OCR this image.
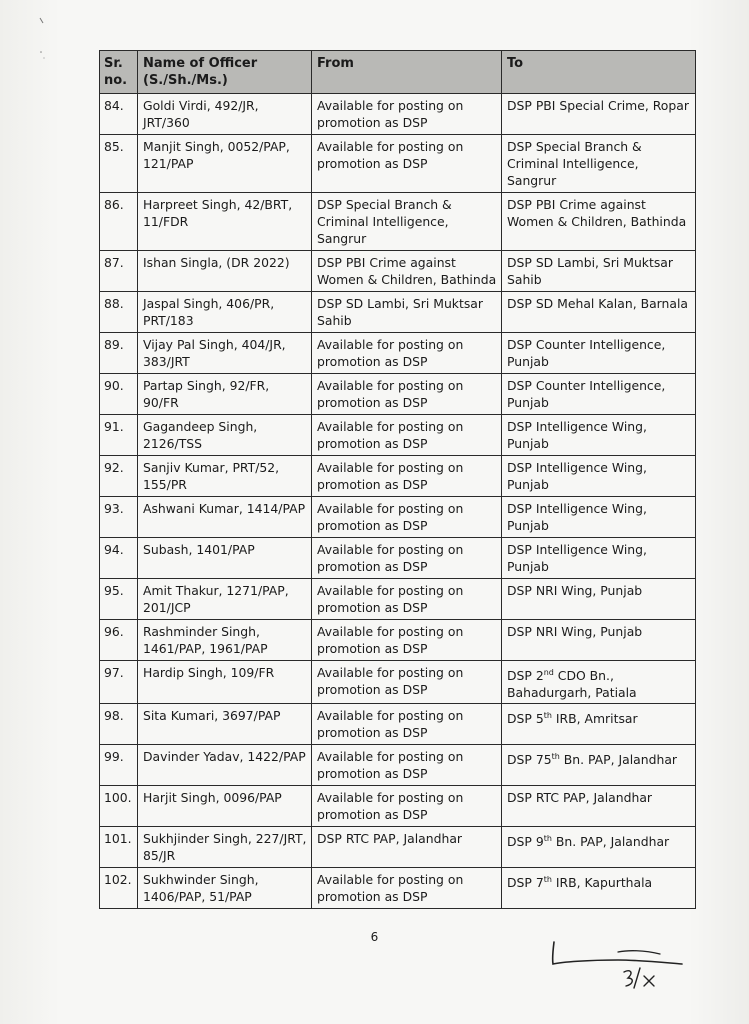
Sr. no.	Name of Officer (S./Sh./Ms.)	From	To
84.	Goldi Virdi, 492/JR, JRT/360	Available for posting on promotion as DSP	DSP PBI Special Crime, Ropar
85.	Manjit Singh, 0052/PAP, 121/PAP	Available for posting on promotion as DSP	DSP Special Branch & Criminal Intelligence, Sangrur
86.	Harpreet Singh, 42/BRT, 11/FDR	DSP Special Branch & Criminal Intelligence, Sangrur	DSP PBI Crime against Women & Children, Bathinda
87.	Ishan Singla, (DR 2022)	DSP PBI Crime against Women & Children, Bathinda	DSP SD Lambi, Sri Muktsar Sahib
88.	Jaspal Singh, 406/PR, PRT/183	DSP SD Lambi, Sri Muktsar Sahib	DSP SD Mehal Kalan, Barnala
89.	Vijay Pal Singh, 404/JR, 383/JRT	Available for posting on promotion as DSP	DSP Counter Intelligence, Punjab
90.	Partap Singh, 92/FR, 90/FR	Available for posting on promotion as DSP	DSP Counter Intelligence, Punjab
91.	Gagandeep Singh, 2126/TSS	Available for posting on promotion as DSP	DSP Intelligence Wing, Punjab
92.	Sanjiv Kumar, PRT/52, 155/PR	Available for posting on promotion as DSP	DSP Intelligence Wing, Punjab
93.	Ashwani Kumar, 1414/PAP	Available for posting on promotion as DSP	DSP Intelligence Wing, Punjab
94.	Subash, 1401/PAP	Available for posting on promotion as DSP	DSP Intelligence Wing, Punjab
95.	Amit Thakur, 1271/PAP, 201/JCP	Available for posting on promotion as DSP	DSP NRI Wing, Punjab
96.	Rashminder Singh, 1461/PAP, 1961/PAP	Available for posting on promotion as DSP	DSP NRI Wing, Punjab
97.	Hardip Singh, 109/FR	Available for posting on promotion as DSP	DSP 2nd CDO Bn., Bahadurgarh, Patiala
98.	Sita Kumari, 3697/PAP	Available for posting on promotion as DSP	DSP 5th IRB, Amritsar
99.	Davinder Yadav, 1422/PAP	Available for posting on promotion as DSP	DSP 75th Bn. PAP, Jalandhar
100.	Harjit Singh, 0096/PAP	Available for posting on promotion as DSP	DSP RTC PAP, Jalandhar
101.	Sukhjinder Singh, 227/JRT, 85/JR	DSP RTC PAP, Jalandhar	DSP 9th Bn. PAP, Jalandhar
102.	Sukhwinder Singh, 1406/PAP, 51/PAP	Available for posting on promotion as DSP	DSP 7th IRB, Kapurthala
6
